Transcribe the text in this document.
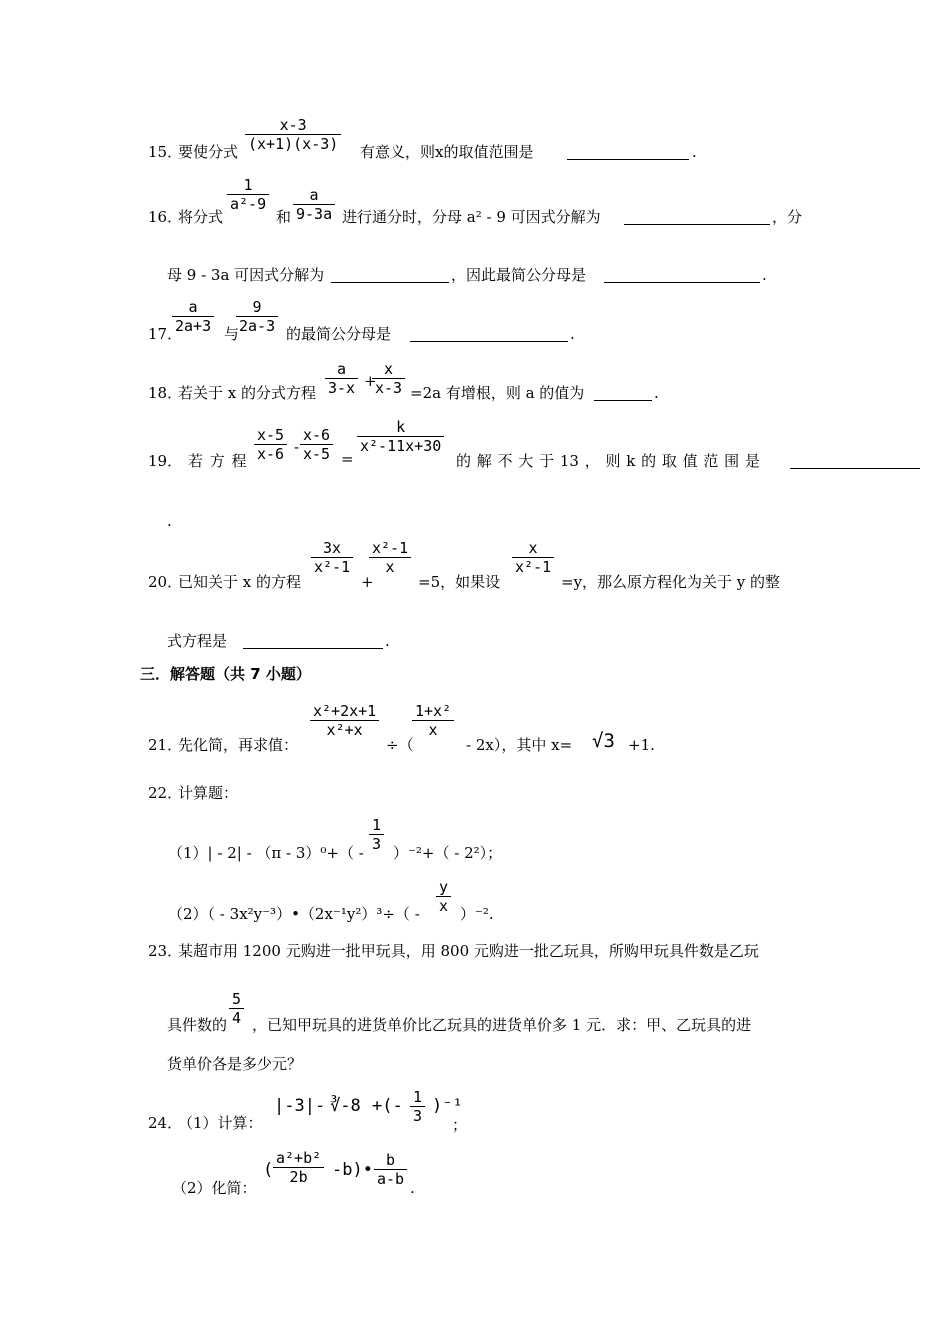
15．
要使分式 $\frac{x-3}{(x+1)(x-3)}$ 有意义，则x的取值范围是	.
16．
将分式
$\frac{1}{\text{a²-9}}$
和 $\frac{a}{9-3a}$ 进行通分时，分母 a² - 9 可因式分解为	，分
母 9 - 3a 可因式分解为	，因此最简公分母是	.
17．
$\frac{a}{2a+3}$ 与
$\frac{9}{2a-3}$ 的最简公分母是	.
18．
若关于 x 的分式方程 $\frac{a}{3-x}$ +
$\frac{x}{x-3} =2a$ 有增根，则 a 的值为	.
19． 若 方 程 $\frac{x-5}{x-6} - \frac{x-6}{x-5}$ =
$\frac{k}{\text{x²-11x+30}}$
的 解 不 大 于 13 ， 则 k 的 取 值 范 围 是
.
20．
已知关于 x 的方程
$\frac{3x}{\text{x²-1}}$
+
$\frac{\text{x²-1}}{x}$
=5，如果设
$\frac{x}{\text{x²-1}}$
=y，那么原方程化为关于 y 的整
式方程是	.
三．解答题（共 7 小题）
21．
先化简，再求值：
$\frac{\text{x²+2x+1}}{\text{x²+x}}$
÷（
$\frac{\text{1+x²}}{x}$
- 2x），其中 x= √3 +1.
22．
计算题：
（1）| - 2| - （π - 3）⁰+（ -
$\frac{1}{3}$
）⁻²+（ - 2²）；
（2）（ - 3x²y⁻³）•（2x⁻¹y²）³÷（ - $\frac{y}{x} )^{-2}$.
23．
某超市用 1200 元购进一批甲玩具，用 800 元购进一批乙玩具，所购甲玩具件数是乙玩
具件数的 $\frac{5}{4}$ ，已知甲玩具的进货单价比乙玩具的进货单价多 1 元．求：甲、乙玩具的进
货单价各是多少元？
24．
（1）计算：
|-3|- ∛-8 +(- $\frac{1}{3} )^{-1}$
；
（2）化简：
( $\frac{\text{a²+b²}}{2b}$ -b)• $\frac{b}{a-b}$
.
